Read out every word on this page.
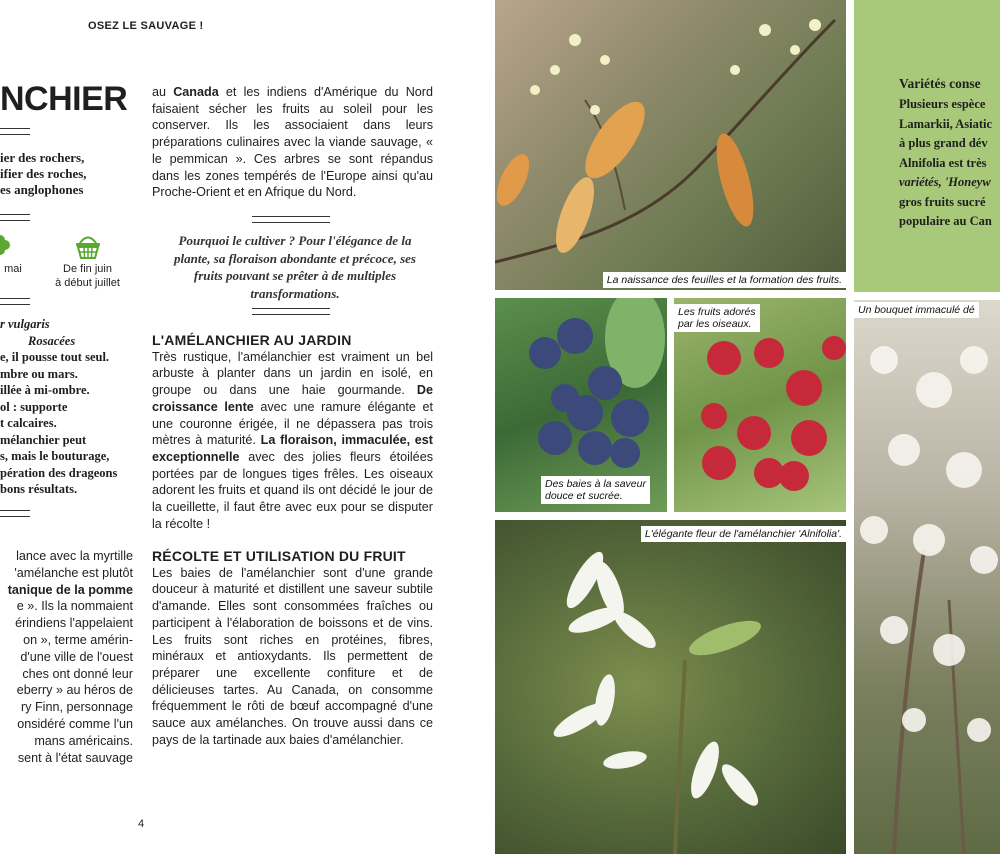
OSEZ LE SAUVAGE !
NCHIER
ier des rochers,
ifier des roches,
es anglophones
mai	De fin juin
à début juillet
r vulgaris
Rosacées
e, il pousse tout seul.
mbre ou mars.
illée à mi-ombre.
ol : supporte
t calcaires.
mélanchier peut
s, mais le bouturage,
pération des drageons
bons résultats.
lance avec la myrtille
'amélanche est plutôt
tanique de la pomme
e ». Ils la nommaient
érindiens l'appelaient
on », terme amérin-
d'une ville de l'ouest
ches ont donné leur
eberry » au héros de
ry Finn, personnage
onsidéré comme l'un
mans américains.
sent à l'état sauvage

au Canada et les indiens d'Amérique du Nord faisaient sécher les fruits au soleil pour les conserver. Ils les associaient dans leurs préparations culinaires avec la viande sauvage, « le pemmican ». Ces arbres se sont répandus dans les zones tempérés de l'Europe ainsi qu'au Proche-Orient et en Afrique du Nord.

Pourquoi le cultiver ? Pour l'élégance de la plante, sa floraison abondante et précoce, ses fruits pouvant se prêter à de multiples transformations.
L'AMÉLANCHIER AU JARDIN

Très rustique, l'amélanchier est vraiment un bel arbuste à planter dans un jardin en isolé, en groupe ou dans une haie gourmande. De croissance lente avec une ramure élégante et une couronne érigée, il ne dépassera pas trois mètres à maturité. La floraison, immaculée, est exceptionnelle avec des jolies fleurs étoilées portées par de longues tiges frêles. Les oiseaux adorent les fruits et quand ils ont décidé le jour de la cueillette, il faut être avec eux pour se disputer la récolte !

RÉCOLTE ET UTILISATION DU FRUIT

Les baies de l'amélanchier sont d'une grande douceur à maturité et distillent une saveur subtile d'amande. Elles sont consommées fraîches ou participent à l'élaboration de boissons et de vins. Les fruits sont riches en protéines, fibres, minéraux et antioxydants. Ils permettent de préparer une excellente confiture et de délicieuses tartes. Au Canada, on consomme fréquemment le rôti de bœuf accompagné d'une sauce aux amélanches. On trouve aussi dans ce pays de la tartinade aux baies d'amélanchier.

4
La naissance des feuilles et la formation des fruits.
Des baies à la saveur
douce et sucrée.
Les fruits adorés
par les oiseaux.
L'élégante fleur de l'amélanchier 'Alnifolia'.
Variétés conse
Plusieurs espèce
Lamarkii, Asiatic
à plus grand dév
Alnifolia est très
variétés, 'Honeyw
gros fruits sucré
populaire au Can
Un bouquet immaculé dé
